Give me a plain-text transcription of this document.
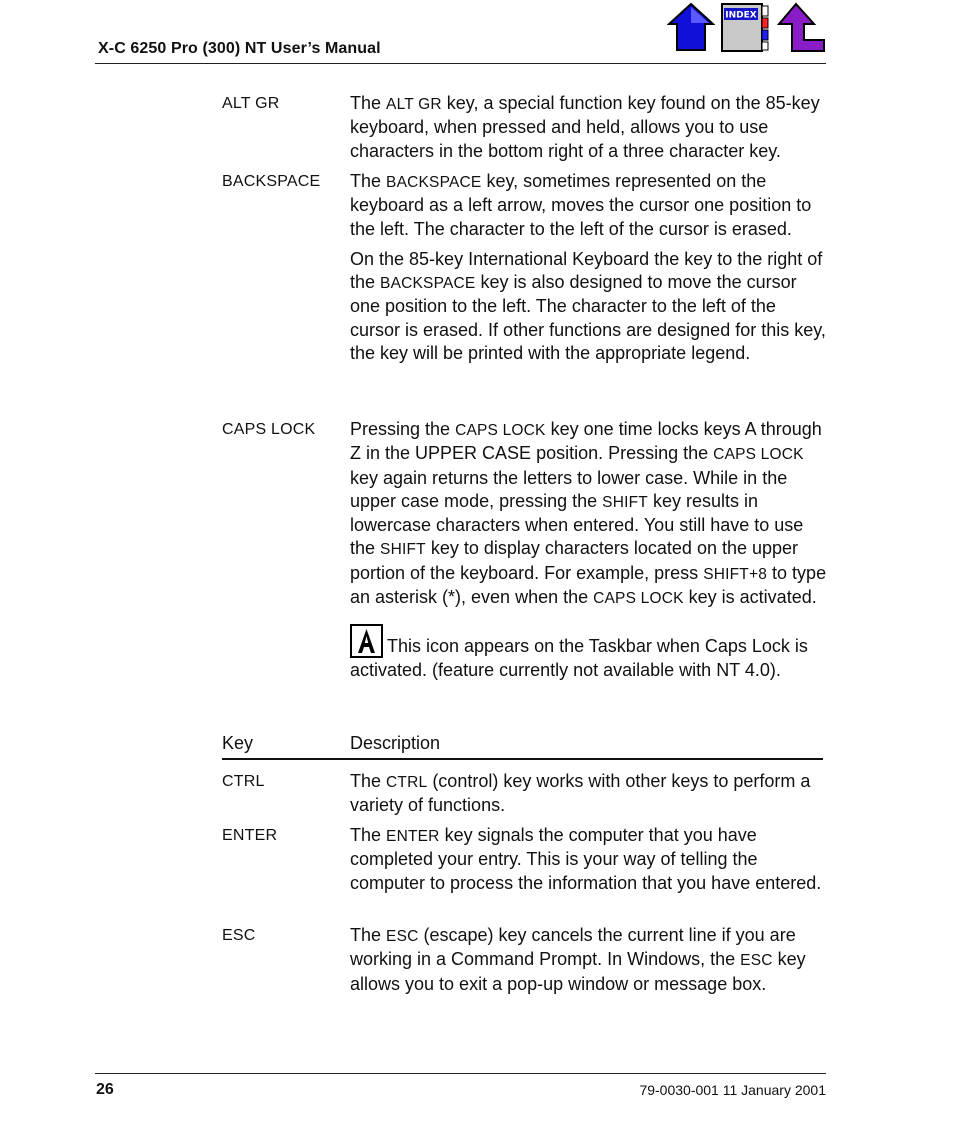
X-C 6250 Pro (300) NT User’s Manual
INDEX
ALT GR	The ALT GR key, a special function key found on the 85-key keyboard, when pressed and held, allows you to use characters in the bottom right of a three character key.

BACKSPACE	The BACKSPACE key, sometimes represented on the keyboard as a left arrow, moves the cursor one position to the left. The character to the left of the cursor is erased.

On the 85-key International Keyboard the key to the right of the BACKSPACE key is also designed to move the cursor one position to the left. The character to the left of the cursor is erased. If other functions are designed for this key, the key will be printed with the appropriate legend.

CAPS LOCK	Pressing the CAPS LOCK key one time locks keys A through Z in the UPPER CASE position. Pressing the CAPS LOCK key again returns the letters to lower case. While in the upper case mode, pressing the SHIFT key results in lowercase characters when entered. You still have to use the SHIFT key to display characters located on the upper portion of the keyboard. For example, press SHIFT+8 to type an asterisk (*), even when the CAPS LOCK key is activated.

This icon appears on the Taskbar when Caps Lock is activated. (feature currently not available with NT 4.0).

Key	Description
CTRL	The CTRL (control) key works with other keys to perform a variety of functions.
ENTER	The ENTER key signals the computer that you have completed your entry. This is your way of telling the computer to process the information that you have entered.
ESC	The ESC (escape) key cancels the current line if you are working in a Command Prompt. In Windows, the ESC key allows you to exit a pop-up window or message box.
26	79-0030-001 11 January 2001
